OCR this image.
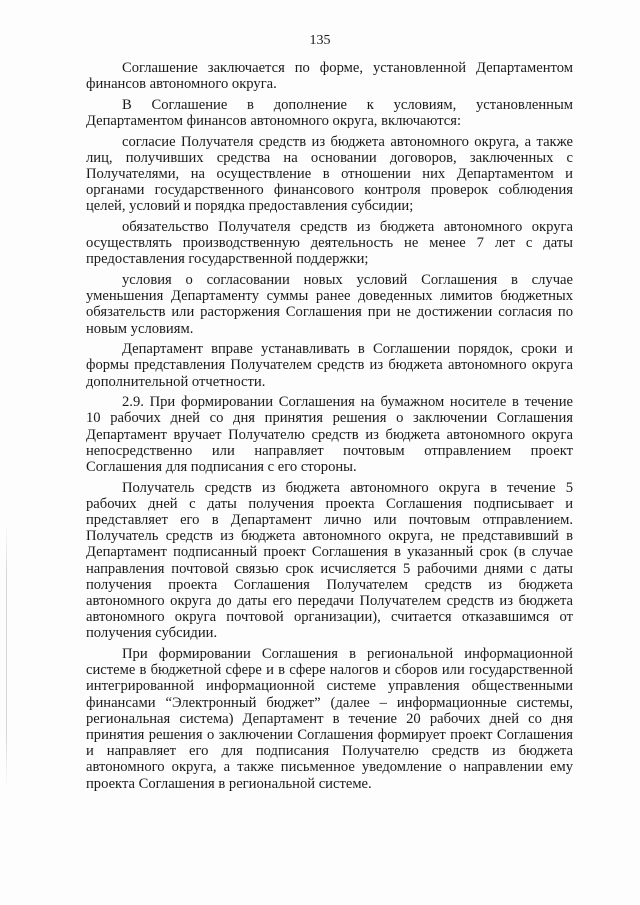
135

Соглашение заключается по форме, установленной Департаментом финансов автономного округа.

В Соглашение в дополнение к условиям, установленным Департаментом финансов автономного округа, включаются:

согласие Получателя средств из бюджета автономного округа, а также лиц, получивших средства на основании договоров, заключенных с Получателями, на осуществление в отношении них Департаментом и органами государственного финансового контроля проверок соблюдения целей, условий и порядка предоставления субсидии;

обязательство Получателя средств из бюджета автономного округа осуществлять производственную деятельность не менее 7 лет с даты предоставления государственной поддержки;

условия о согласовании новых условий Соглашения в случае уменьшения Департаменту суммы ранее доведенных лимитов бюджетных обязательств или расторжения Соглашения при не достижении согласия по новым условиям.

Департамент вправе устанавливать в Соглашении порядок, сроки и формы представления Получателем средств из бюджета автономного округа дополнительной отчетности.

2.9. При формировании Соглашения на бумажном носителе в течение 10 рабочих дней со дня принятия решения о заключении Соглашения Департамент вручает Получателю средств из бюджета автономного округа непосредственно или направляет почтовым отправлением проект Соглашения для подписания с его стороны.

Получатель средств из бюджета автономного округа в течение 5 рабочих дней с даты получения проекта Соглашения подписывает и представляет его в Департамент лично или почтовым отправлением. Получатель средств из бюджета автономного округа, не представивший в Департамент подписанный проект Соглашения в указанный срок (в случае направления почтовой связью срок исчисляется 5 рабочими днями с даты получения проекта Соглашения Получателем средств из бюджета автономного округа до даты его передачи Получателем средств из бюджета автономного округа почтовой организации), считается отказавшимся от получения субсидии.

При формировании Соглашения в региональной информационной системе в бюджетной сфере и в сфере налогов и сборов или государственной интегрированной информационной системе управления общественными финансами “Электронный бюджет” (далее – информационные системы, региональная система) Департамент в течение 20 рабочих дней со дня принятия решения о заключении Соглашения формирует проект Соглашения и направляет его для подписания Получателю средств из бюджета автономного округа, а также письменное уведомление о направлении ему проекта Соглашения в региональной системе.
